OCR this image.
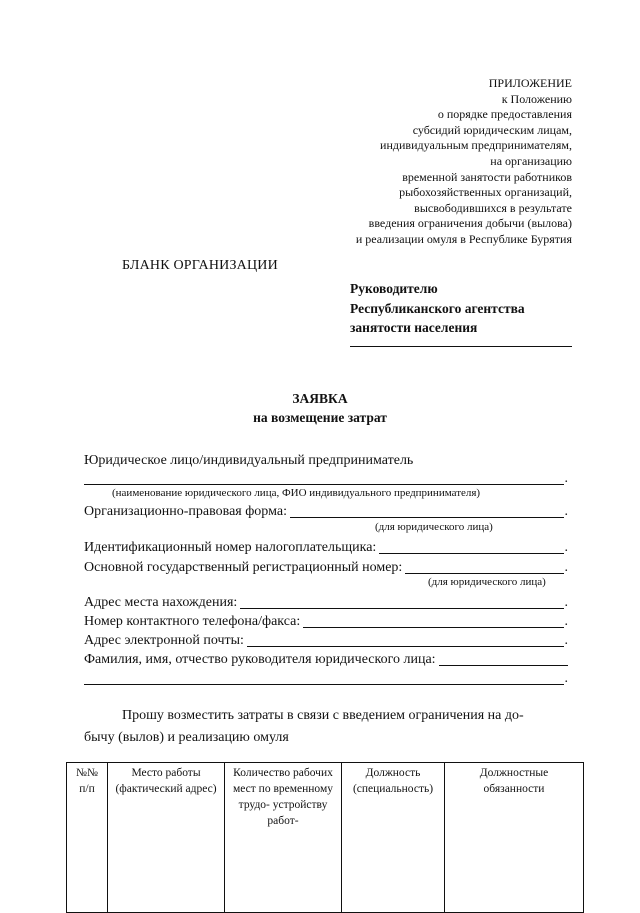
ПРИЛОЖЕНИЕ
к Положению
о порядке предоставления
субсидий юридическим лицам,
индивидуальным предпринимателям,
на организацию
временной занятости работников
рыбохозяйственных организаций,
высвободившихся в результате
введения ограничения добычи (вылова)
и реализации омуля в Республике Бурятия
БЛАНК ОРГАНИЗАЦИИ
Руководителю
Республиканского агентства
занятости населения
ЗАЯВКА
на возмещение затрат
Юридическое лицо/индивидуальный предприниматель
.
(наименование юридического лица, ФИО индивидуального предпринимателя)
Организационно-правовая форма:	.
(для юридического лица)
Идентификационный номер налогоплательщика:	.
Основной государственный регистрационный номер:	.
(для юридического лица)
Адрес места нахождения:	.
Номер контактного телефона/факса:	.
Адрес электронной почты:	.
Фамилия, имя, отчество руководителя юридического лица:
.
Прошу возместить затраты в связи с введением ограничения на до-
бычу (вылов) и реализацию омуля
№№ п/п	Место работы (фактический адрес)	Количество рабочих мест по временному трудо- устройству работ-	Должность (специальность)	Должностные обязанности
